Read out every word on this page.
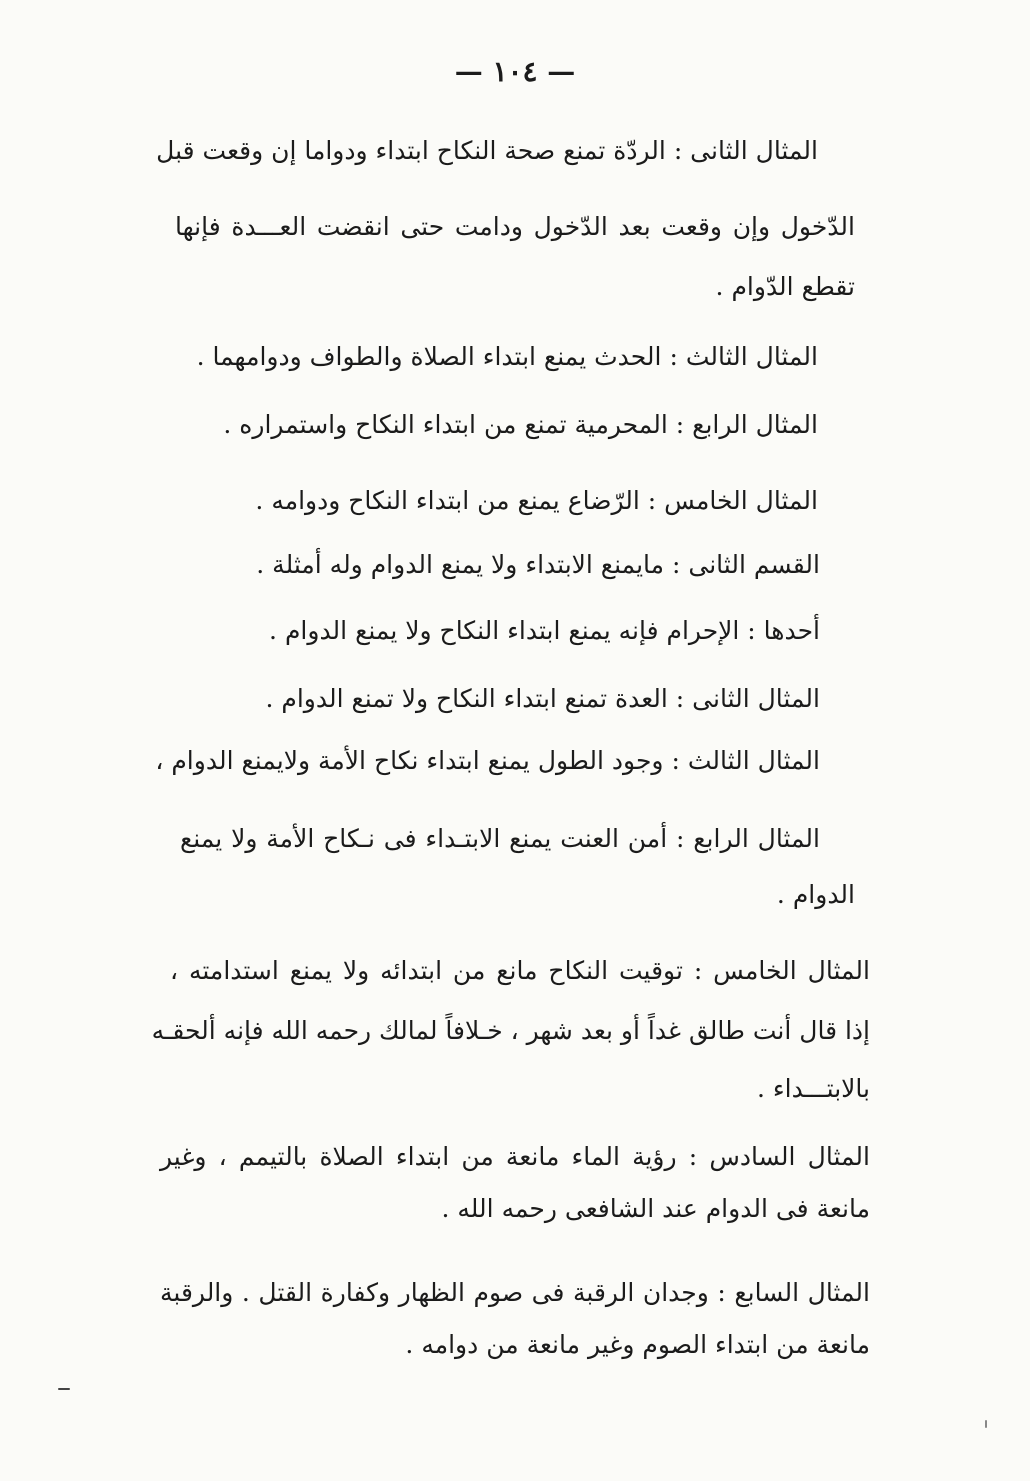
— ١٠٤ —
المثال الثانى : الردّة تمنع صحة النكاح ابتداء ودواما إن وقعت قبل
الدّخول وإن وقعت بعد الدّخول ودامت حتى انقضت العـــدة فإنها
تقطع الدّوام .
المثال الثالث : الحدث يمنع ابتداء الصلاة والطواف ودوامهما .
المثال الرابع : المحرمية تمنع من ابتداء النكاح واستمراره .
المثال الخامس : الرّضاع يمنع من ابتداء النكاح ودوامه .
القسم الثانى : مايمنع الابتداء ولا يمنع الدوام وله أمثلة .
أحدها : الإحرام فإنه يمنع ابتداء النكاح ولا يمنع الدوام .
المثال الثانى : العدة تمنع ابتداء النكاح ولا تمنع الدوام .
المثال الثالث : وجود الطول يمنع ابتداء نكاح الأمة ولايمنع الدوام ،
المثال الرابع : أمن العنت يمنع الابتـداء فى نـكاح الأمة ولا يمنع
الدوام .
المثال الخامس : توقيت النكاح مانع من ابتدائه ولا يمنع استدامته ،
إذا قال أنت طالق غداً أو بعد شهر ، خـلافاً لمالك رحمه الله فإنه ألحقـه
بالابتـــداء .
المثال السادس : رؤية الماء مانعة من ابتداء الصلاة بالتيمم ، وغير
مانعة فى الدوام عند الشافعى رحمه الله .
المثال السابع : وجدان الرقبة فى صوم الظهار وكفارة القتل . والرقبة
مانعة من ابتداء الصوم وغير مانعة من دوامه .
